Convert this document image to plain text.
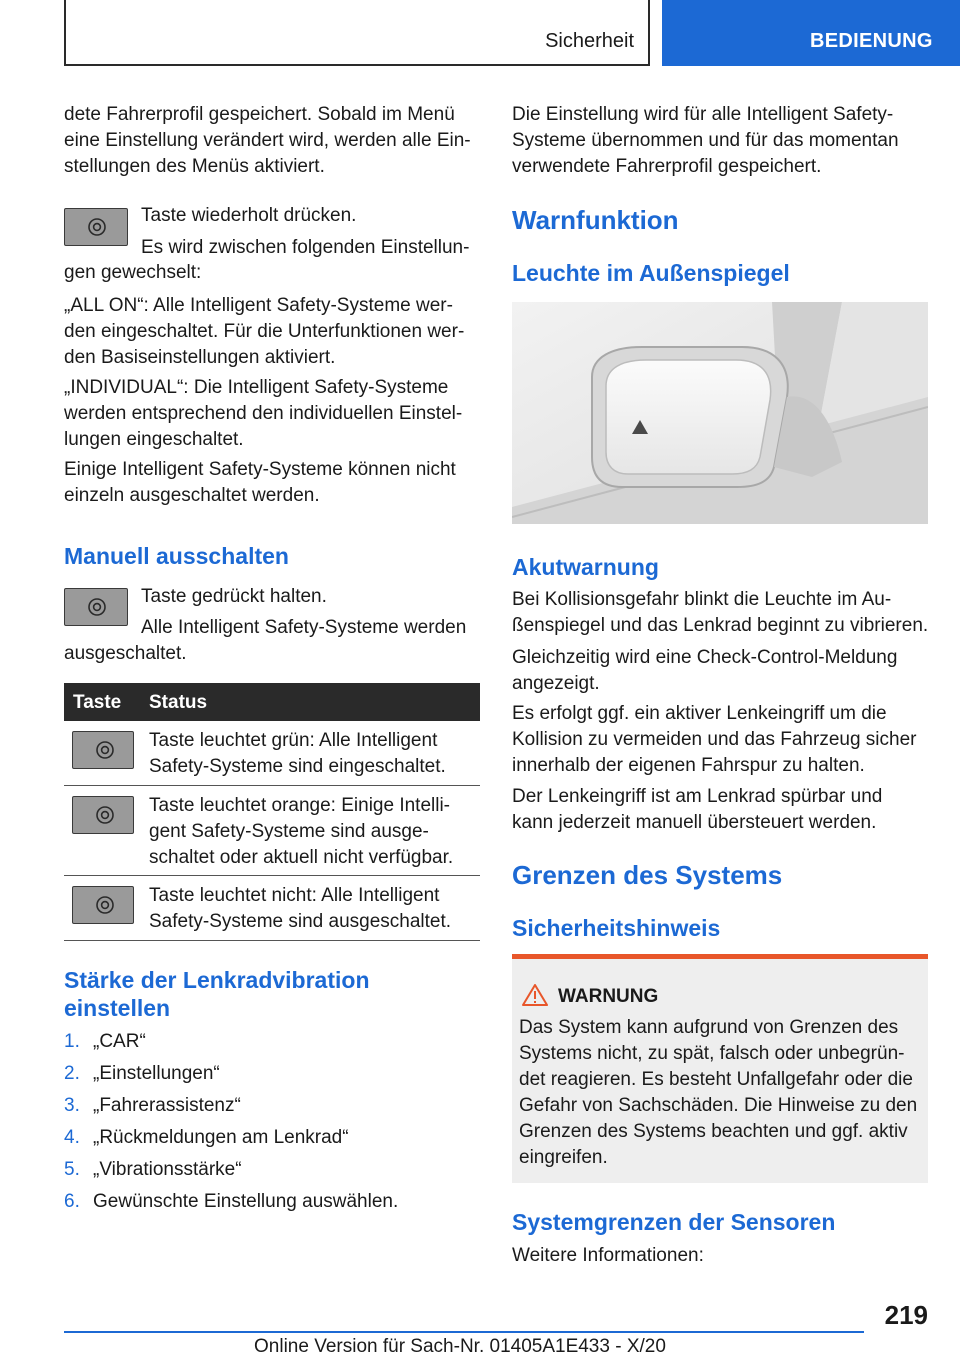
Sicherheit	BEDIENUNG

dete Fahrerprofil gespeichert. Sobald im Menü
eine Einstellung verändert wird, werden alle Ein-
stellungen des Menüs aktiviert.

Taste wiederholt drücken.

Es wird zwischen folgenden Einstellun-

gen gewechselt:

„ALL ON“: Alle Intelligent Safety-Systeme wer-
den eingeschaltet. Für die Unterfunktionen wer-
den Basiseinstellungen aktiviert.

„INDIVIDUAL“: Die Intelligent Safety-Systeme
werden entsprechend den individuellen Einstel-
lungen eingeschaltet.

Einige Intelligent Safety-Systeme können nicht
einzeln ausgeschaltet werden.

Manuell ausschalten

Taste gedrückt halten.

Alle Intelligent Safety-Systeme werden

ausgeschaltet.

Taste Status
Taste leuchtet grün: Alle Intelligent
Safety-Systeme sind eingeschaltet.
Taste leuchtet orange: Einige Intelli-
gent Safety-Systeme sind ausge-
schaltet oder aktuell nicht verfügbar.
Taste leuchtet nicht: Alle Intelligent
Safety-Systeme sind ausgeschaltet.
Stärke der Lenkradvibration
einstellen
1. „CAR“
2. „Einstellungen“
3. „Fahrerassistenz“
4. „Rückmeldungen am Lenkrad“
5. „Vibrationsstärke“
6. Gewünschte Einstellung auswählen.

Die Einstellung wird für alle Intelligent Safety-
Systeme übernommen und für das momentan
verwendete Fahrerprofil gespeichert.

Warnfunktion
Leuchte im Außenspiegel
Akutwarnung

Bei Kollisionsgefahr blinkt die Leuchte im Au-
ßenspiegel und das Lenkrad beginnt zu vibrieren.

Gleichzeitig wird eine Check-Control-Meldung
angezeigt.

Es erfolgt ggf. ein aktiver Lenkeingriff um die
Kollision zu vermeiden und das Fahrzeug sicher
innerhalb der eigenen Fahrspur zu halten.

Der Lenkeingriff ist am Lenkrad spürbar und
kann jederzeit manuell übersteuert werden.

Grenzen des Systems
Sicherheitshinweis
WARNUNG
Das System kann aufgrund von Grenzen des
Systems nicht, zu spät, falsch oder unbegrün-
det reagieren. Es besteht Unfallgefahr oder die
Gefahr von Sachschäden. Die Hinweise zu den
Grenzen des Systems beachten und ggf. aktiv
eingreifen.
Systemgrenzen der Sensoren

Weitere Informationen:

219
Online Version für Sach-Nr. 01405A1E433 - X/20
